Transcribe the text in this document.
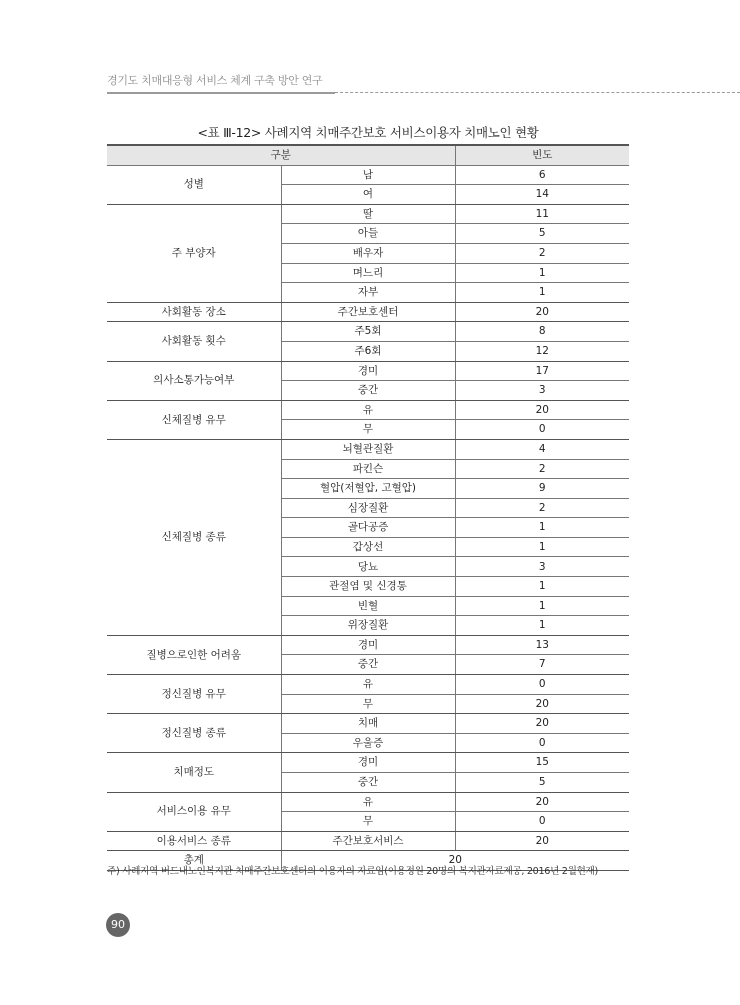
경기도 치매대응형 서비스 체계 구축 방안 연구
<표 Ⅲ-12> 사례지역 치매주간보호 서비스이용자 치매노인 현황
구분		빈도
성별	남	6
	여	14
주 부양자	딸	11
	아들	5
	배우자	2
	며느리	1
	자부	1
사회활동 장소	주간보호센터	20
사회활동 횟수	주5회	8
	주6회	12
의사소통가능여부	경미	17
	중간	3
신체질병 유무	유	20
	무	0
신체질병 종류	뇌혈관질환	4
	파킨슨	2
	혈압(저혈압, 고혈압)	9
	심장질환	2
	골다공증	1
	갑상선	1
	당뇨	3
	관절염 및 신경통	1
	빈혈	1
	위장질환	1
질병으로인한 어려움	경미	13
	중간	7
정신질병 유무	유	0
	무	20
정신질병 종류	치매	20
	우울증	0
치매정도	경미	15
	중간	5
서비스이용 유무	유	20
	무	0
이용서비스 종류	주간보호서비스	20
총계	20	
주) 사례지역 버드내노인복지관 치매주간보호센터의 이용자의 자료임(이용정원 20명의 복지관자료제공, 2016년 2월현재)
90
